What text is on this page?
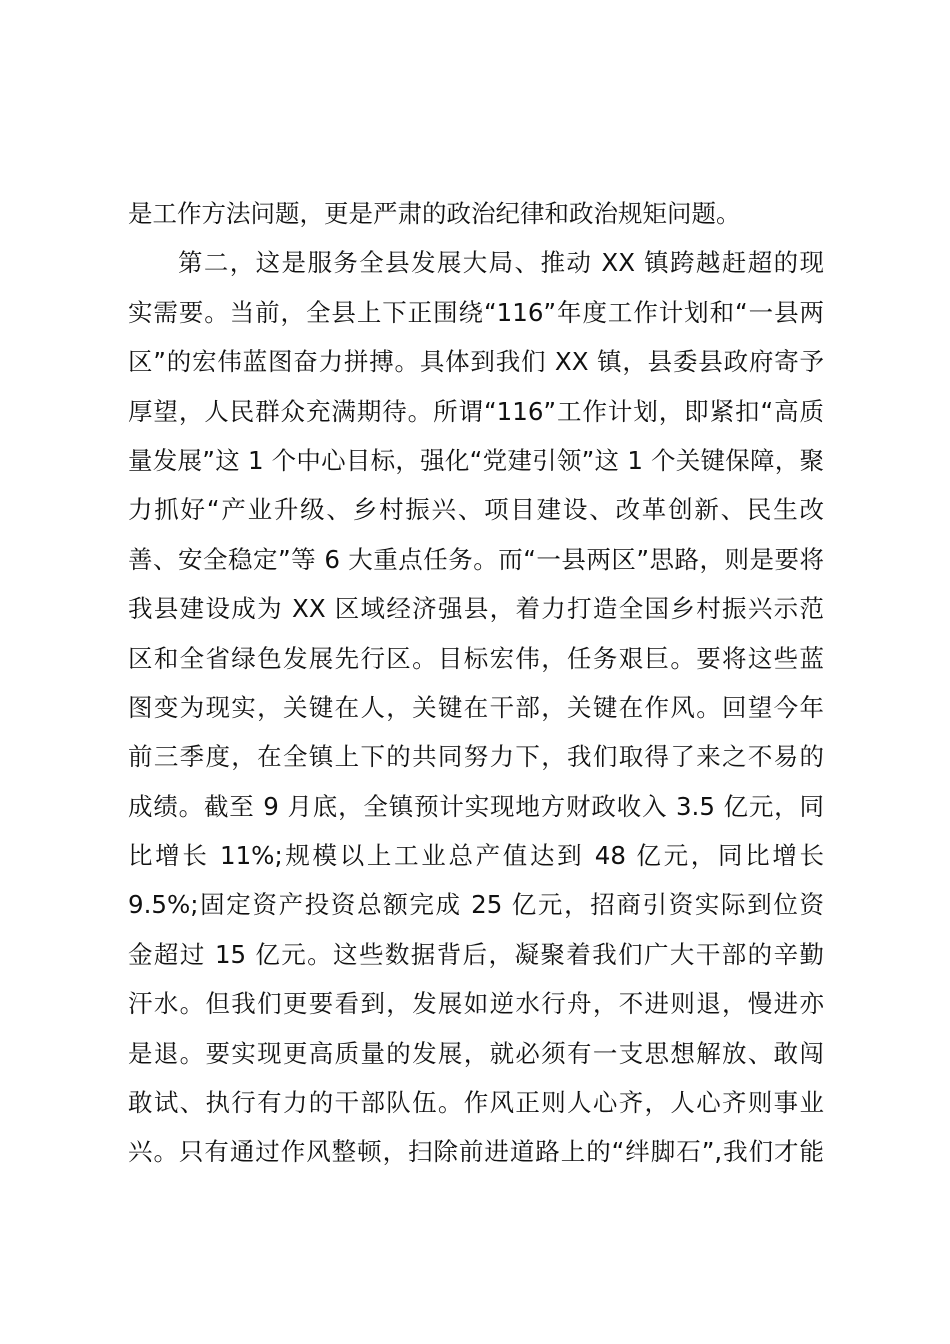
是工作方法问题，更是严肃的政治纪律和政治规矩问题。
第二，这是服务全县发展大局、推动 XX 镇跨越赶超的现
实需要。当前，全县上下正围绕“116”年度工作计划和“一县两
区”的宏伟蓝图奋力拼搏。具体到我们 XX 镇，县委县政府寄予
厚望，人民群众充满期待。所谓“116”工作计划，即紧扣“高质
量发展”这 1 个中心目标，强化“党建引领”这 1 个关键保障，聚
力抓好“产业升级、乡村振兴、项目建设、改革创新、民生改
善、安全稳定”等 6 大重点任务。而“一县两区”思路，则是要将
我县建设成为 XX 区域经济强县，着力打造全国乡村振兴示范
区和全省绿色发展先行区。目标宏伟，任务艰巨。要将这些蓝
图变为现实，关键在人，关键在干部，关键在作风。回望今年
前三季度，在全镇上下的共同努力下，我们取得了来之不易的
成绩。截至 9 月底，全镇预计实现地方财政收入 3.5 亿元，同
比增长 11%;规模以上工业总产值达到 48 亿元，同比增长
9.5%;固定资产投资总额完成 25 亿元，招商引资实际到位资
金超过 15 亿元。这些数据背后，凝聚着我们广大干部的辛勤
汗水。但我们更要看到，发展如逆水行舟，不进则退，慢进亦
是退。要实现更高质量的发展，就必须有一支思想解放、敢闯
敢试、执行有力的干部队伍。作风正则人心齐，人心齐则事业
兴。只有通过作风整顿，扫除前进道路上的“绊脚石”,我们才能
